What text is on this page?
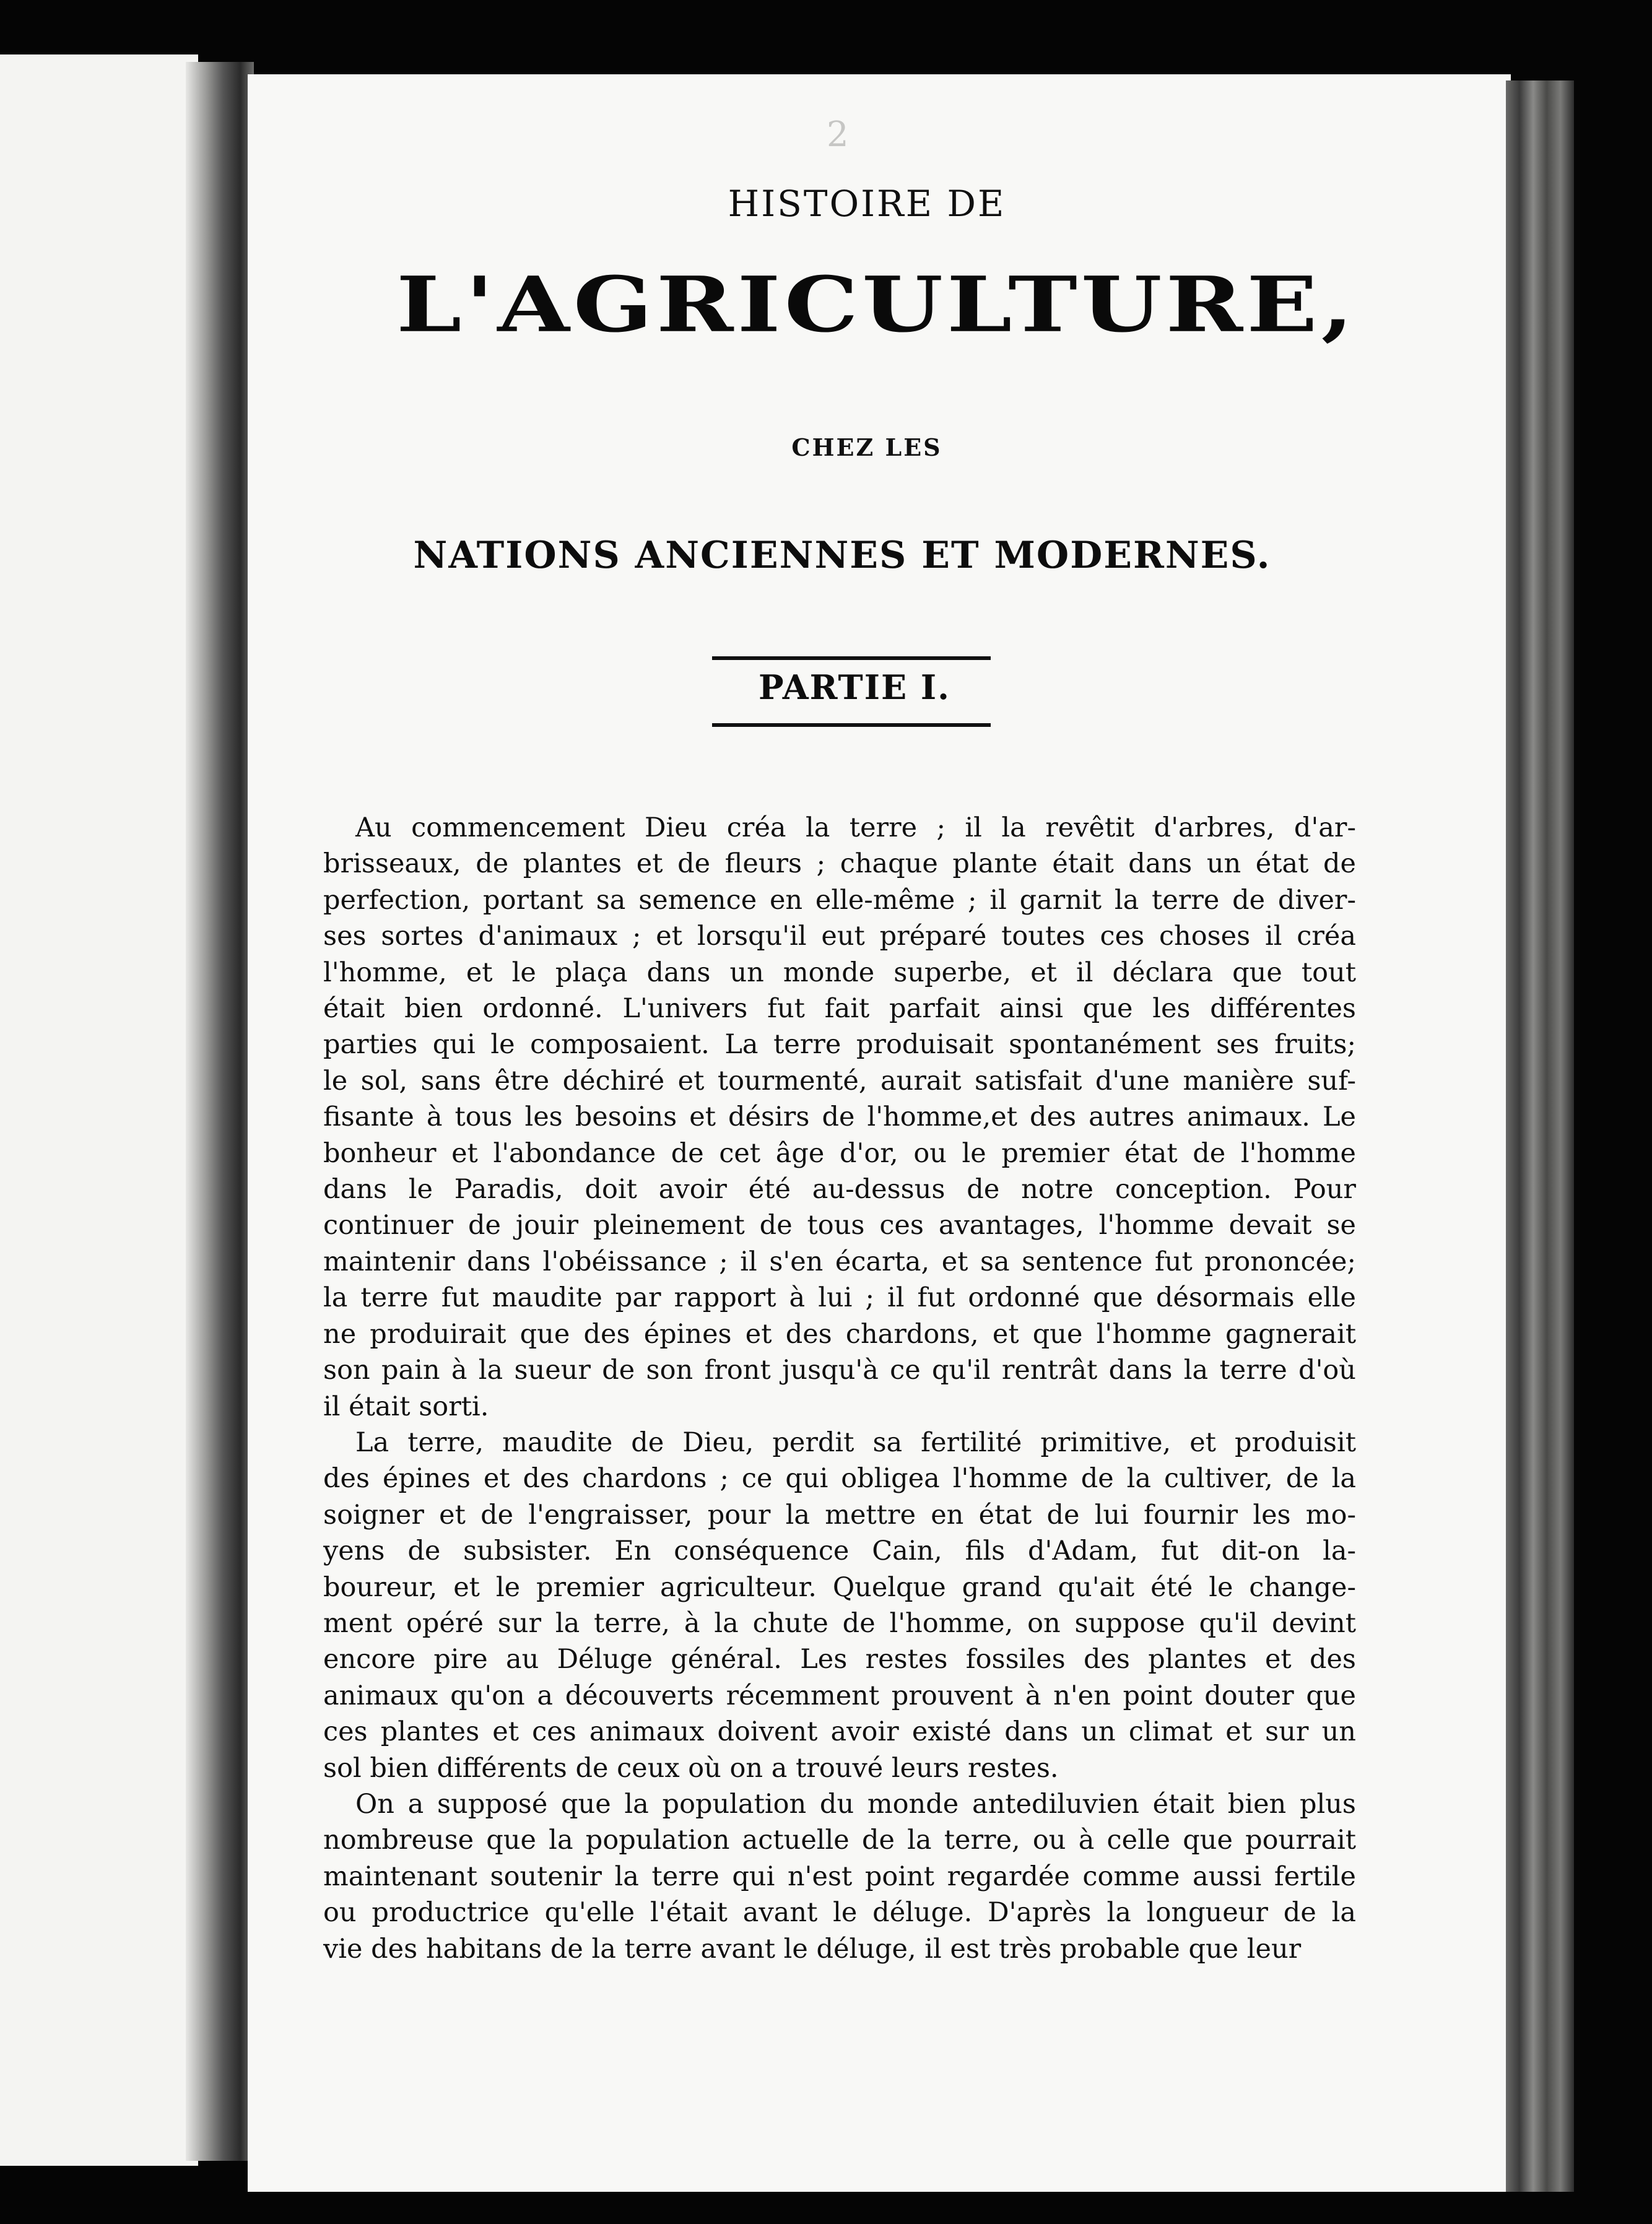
2
HISTOIRE DE
L'AGRICULTURE,
CHEZ LES
NATIONS ANCIENNES ET MODERNES.
PARTIE I.
Au commencement Dieu créa la terre ; il la revêtit d'arbres, d'ar-
brisseaux, de plantes et de fleurs ; chaque plante était dans un état de
perfection, portant sa semence en elle-même ; il garnit la terre de diver-
ses sortes d'animaux ; et lorsqu'il eut préparé toutes ces choses il créa
l'homme, et le plaça dans un monde superbe, et il déclara que tout
était bien ordonné. L'univers fut fait parfait ainsi que les différentes
parties qui le composaient. La terre produisait spontanément ses fruits;
le sol, sans être déchiré et tourmenté, aurait satisfait d'une manière suf-
fisante à tous les besoins et désirs de l'homme,et des autres animaux. Le
bonheur et l'abondance de cet âge d'or, ou le premier état de l'homme
dans le Paradis, doit avoir été au-dessus de notre conception. Pour
continuer de jouir pleinement de tous ces avantages, l'homme devait se
maintenir dans l'obéissance ; il s'en écarta, et sa sentence fut prononcée;
la terre fut maudite par rapport à lui ; il fut ordonné que désormais elle
ne produirait que des épines et des chardons, et que l'homme gagnerait
son pain à la sueur de son front jusqu'à ce qu'il rentrât dans la terre d'où
il était sorti.
La terre, maudite de Dieu, perdit sa fertilité primitive, et produisit
des épines et des chardons ; ce qui obligea l'homme de la cultiver, de la
soigner et de l'engraisser, pour la mettre en état de lui fournir les mo-
yens de subsister. En conséquence Cain, fils d'Adam, fut dit-on la-
boureur, et le premier agriculteur. Quelque grand qu'ait été le change-
ment opéré sur la terre, à la chute de l'homme, on suppose qu'il devint
encore pire au Déluge général. Les restes fossiles des plantes et des
animaux qu'on a découverts récemment prouvent à n'en point douter que
ces plantes et ces animaux doivent avoir existé dans un climat et sur un
sol bien différents de ceux où on a trouvé leurs restes.
On a supposé que la population du monde antediluvien était bien plus
nombreuse que la population actuelle de la terre, ou à celle que pourrait
maintenant soutenir la terre qui n'est point regardée comme aussi fertile
ou productrice qu'elle l'était avant le déluge. D'après la longueur de la
vie des habitans de la terre avant le déluge, il est très probable que leur
